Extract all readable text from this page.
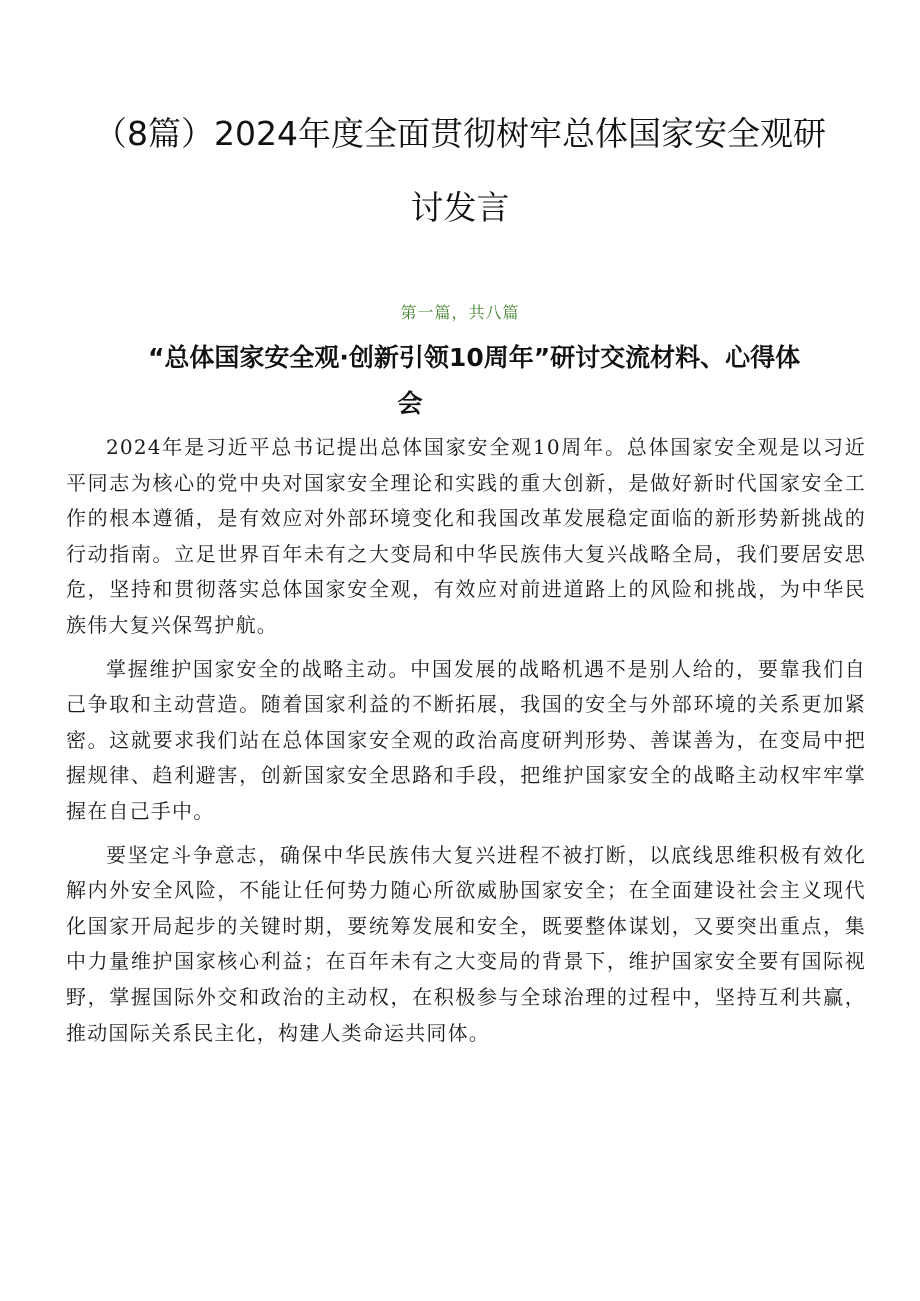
（8篇）2024年度全面贯彻树牢总体国家安全观研
讨发言
第一篇，共八篇
“总体国家安全观·创新引领10周年”研讨交流材料、心得体
会

2024年是习近平总书记提出总体国家安全观10周年。总体国家安全观是以习近平同志为核心的党中央对国家安全理论和实践的重大创新，是做好新时代国家安全工作的根本遵循，是有效应对外部环境变化和我国改革发展稳定面临的新形势新挑战的行动指南。立足世界百年未有之大变局和中华民族伟大复兴战略全局，我们要居安思危，坚持和贯彻落实总体国家安全观，有效应对前进道路上的风险和挑战，为中华民族伟大复兴保驾护航。

掌握维护国家安全的战略主动。中国发展的战略机遇不是别人给的，要靠我们自己争取和主动营造。随着国家利益的不断拓展，我国的安全与外部环境的关系更加紧密。这就要求我们站在总体国家安全观的政治高度研判形势、善谋善为，在变局中把握规律、趋利避害，创新国家安全思路和手段，把维护国家安全的战略主动权牢牢掌握在自己手中。

要坚定斗争意志，确保中华民族伟大复兴进程不被打断，以底线思维积极有效化解内外安全风险，不能让任何势力随心所欲威胁国家安全；在全面建设社会主义现代化国家开局起步的关键时期，要统筹发展和安全，既要整体谋划，又要突出重点，集中力量维护国家核心利益；在百年未有之大变局的背景下，维护国家安全要有国际视野，掌握国际外交和政治的主动权，在积极参与全球治理的过程中，坚持互利共赢，推动国际关系民主化，构建人类命运共同体。
